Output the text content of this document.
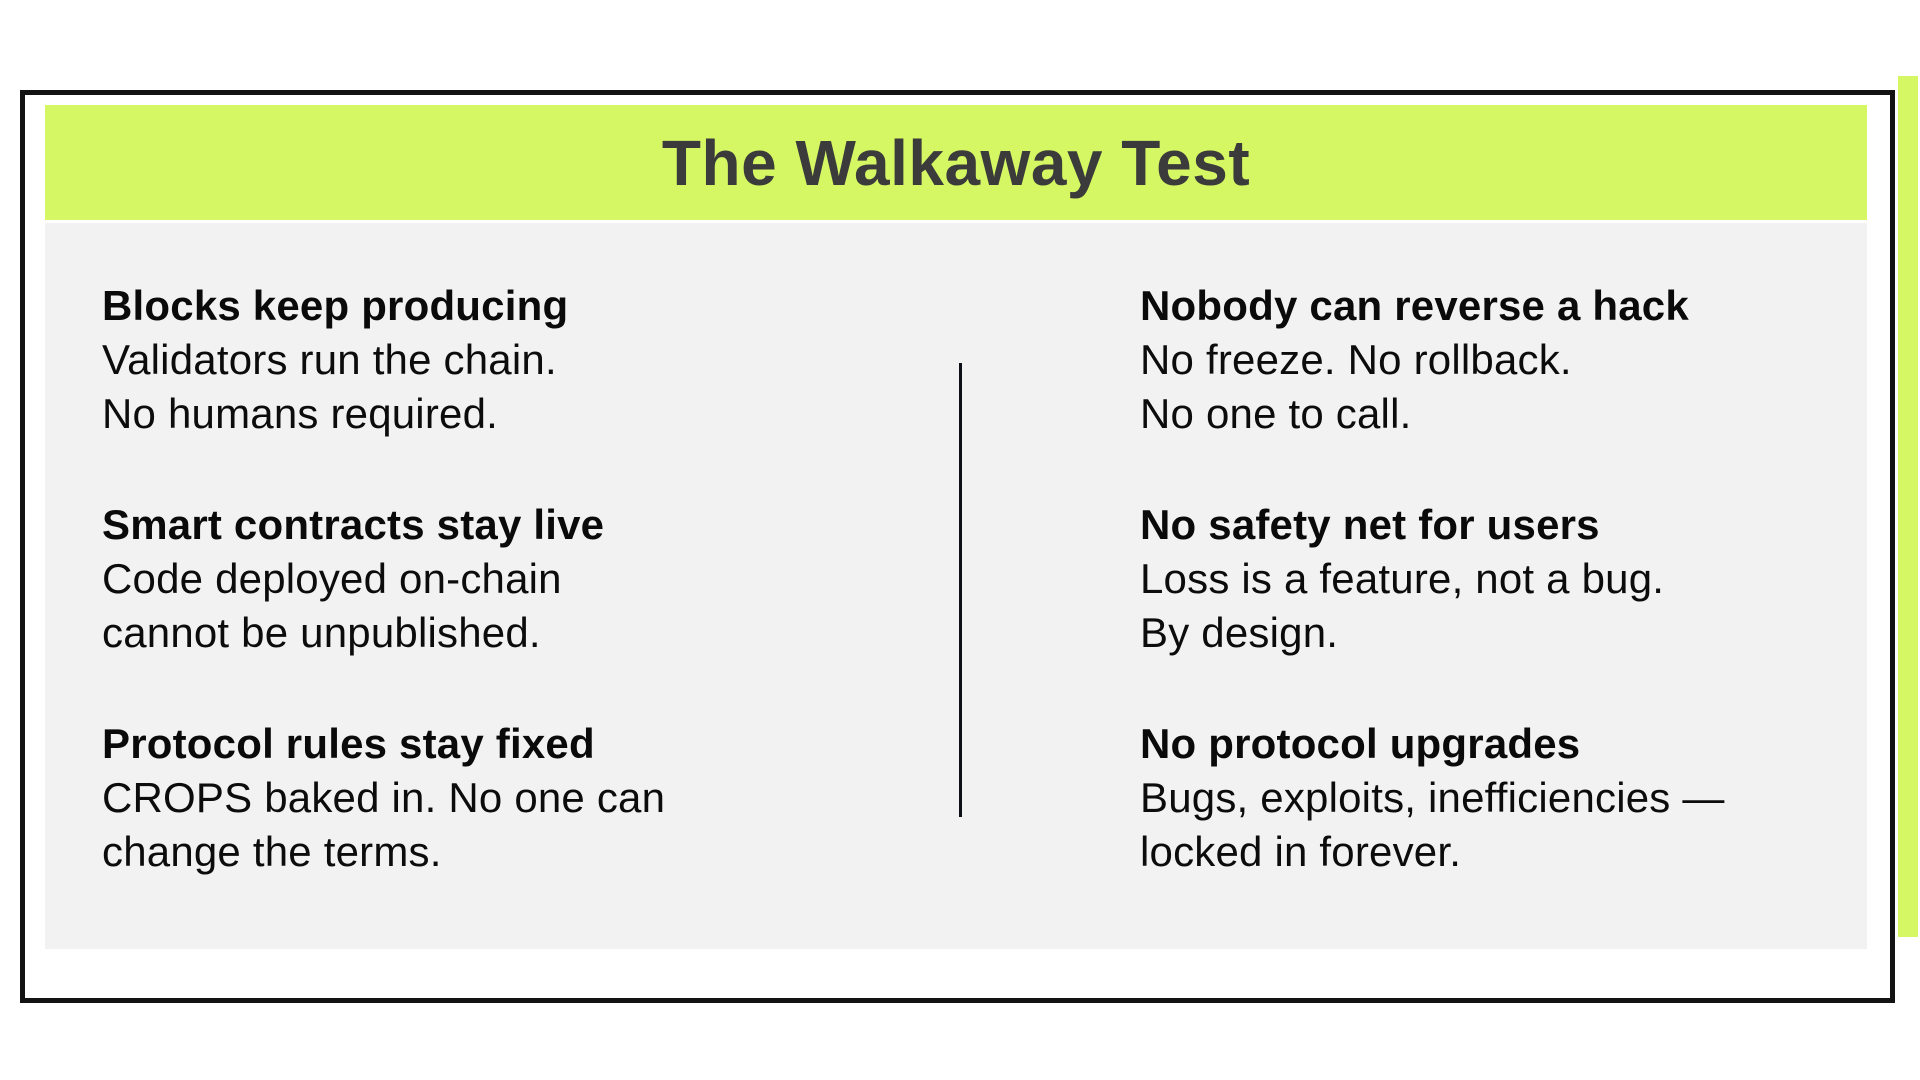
The Walkaway Test
Blocks keep producing
Validators run the chain.
No humans required.
Smart contracts stay live
Code deployed on-chain
cannot be unpublished.
Protocol rules stay fixed
CROPS baked in. No one can
change the terms.
Nobody can reverse a hack
No freeze. No rollback.
No one to call.
No safety net for users
Loss is a feature, not a bug.
By design.
No protocol upgrades
Bugs, exploits, inefficiencies —
locked in forever.
